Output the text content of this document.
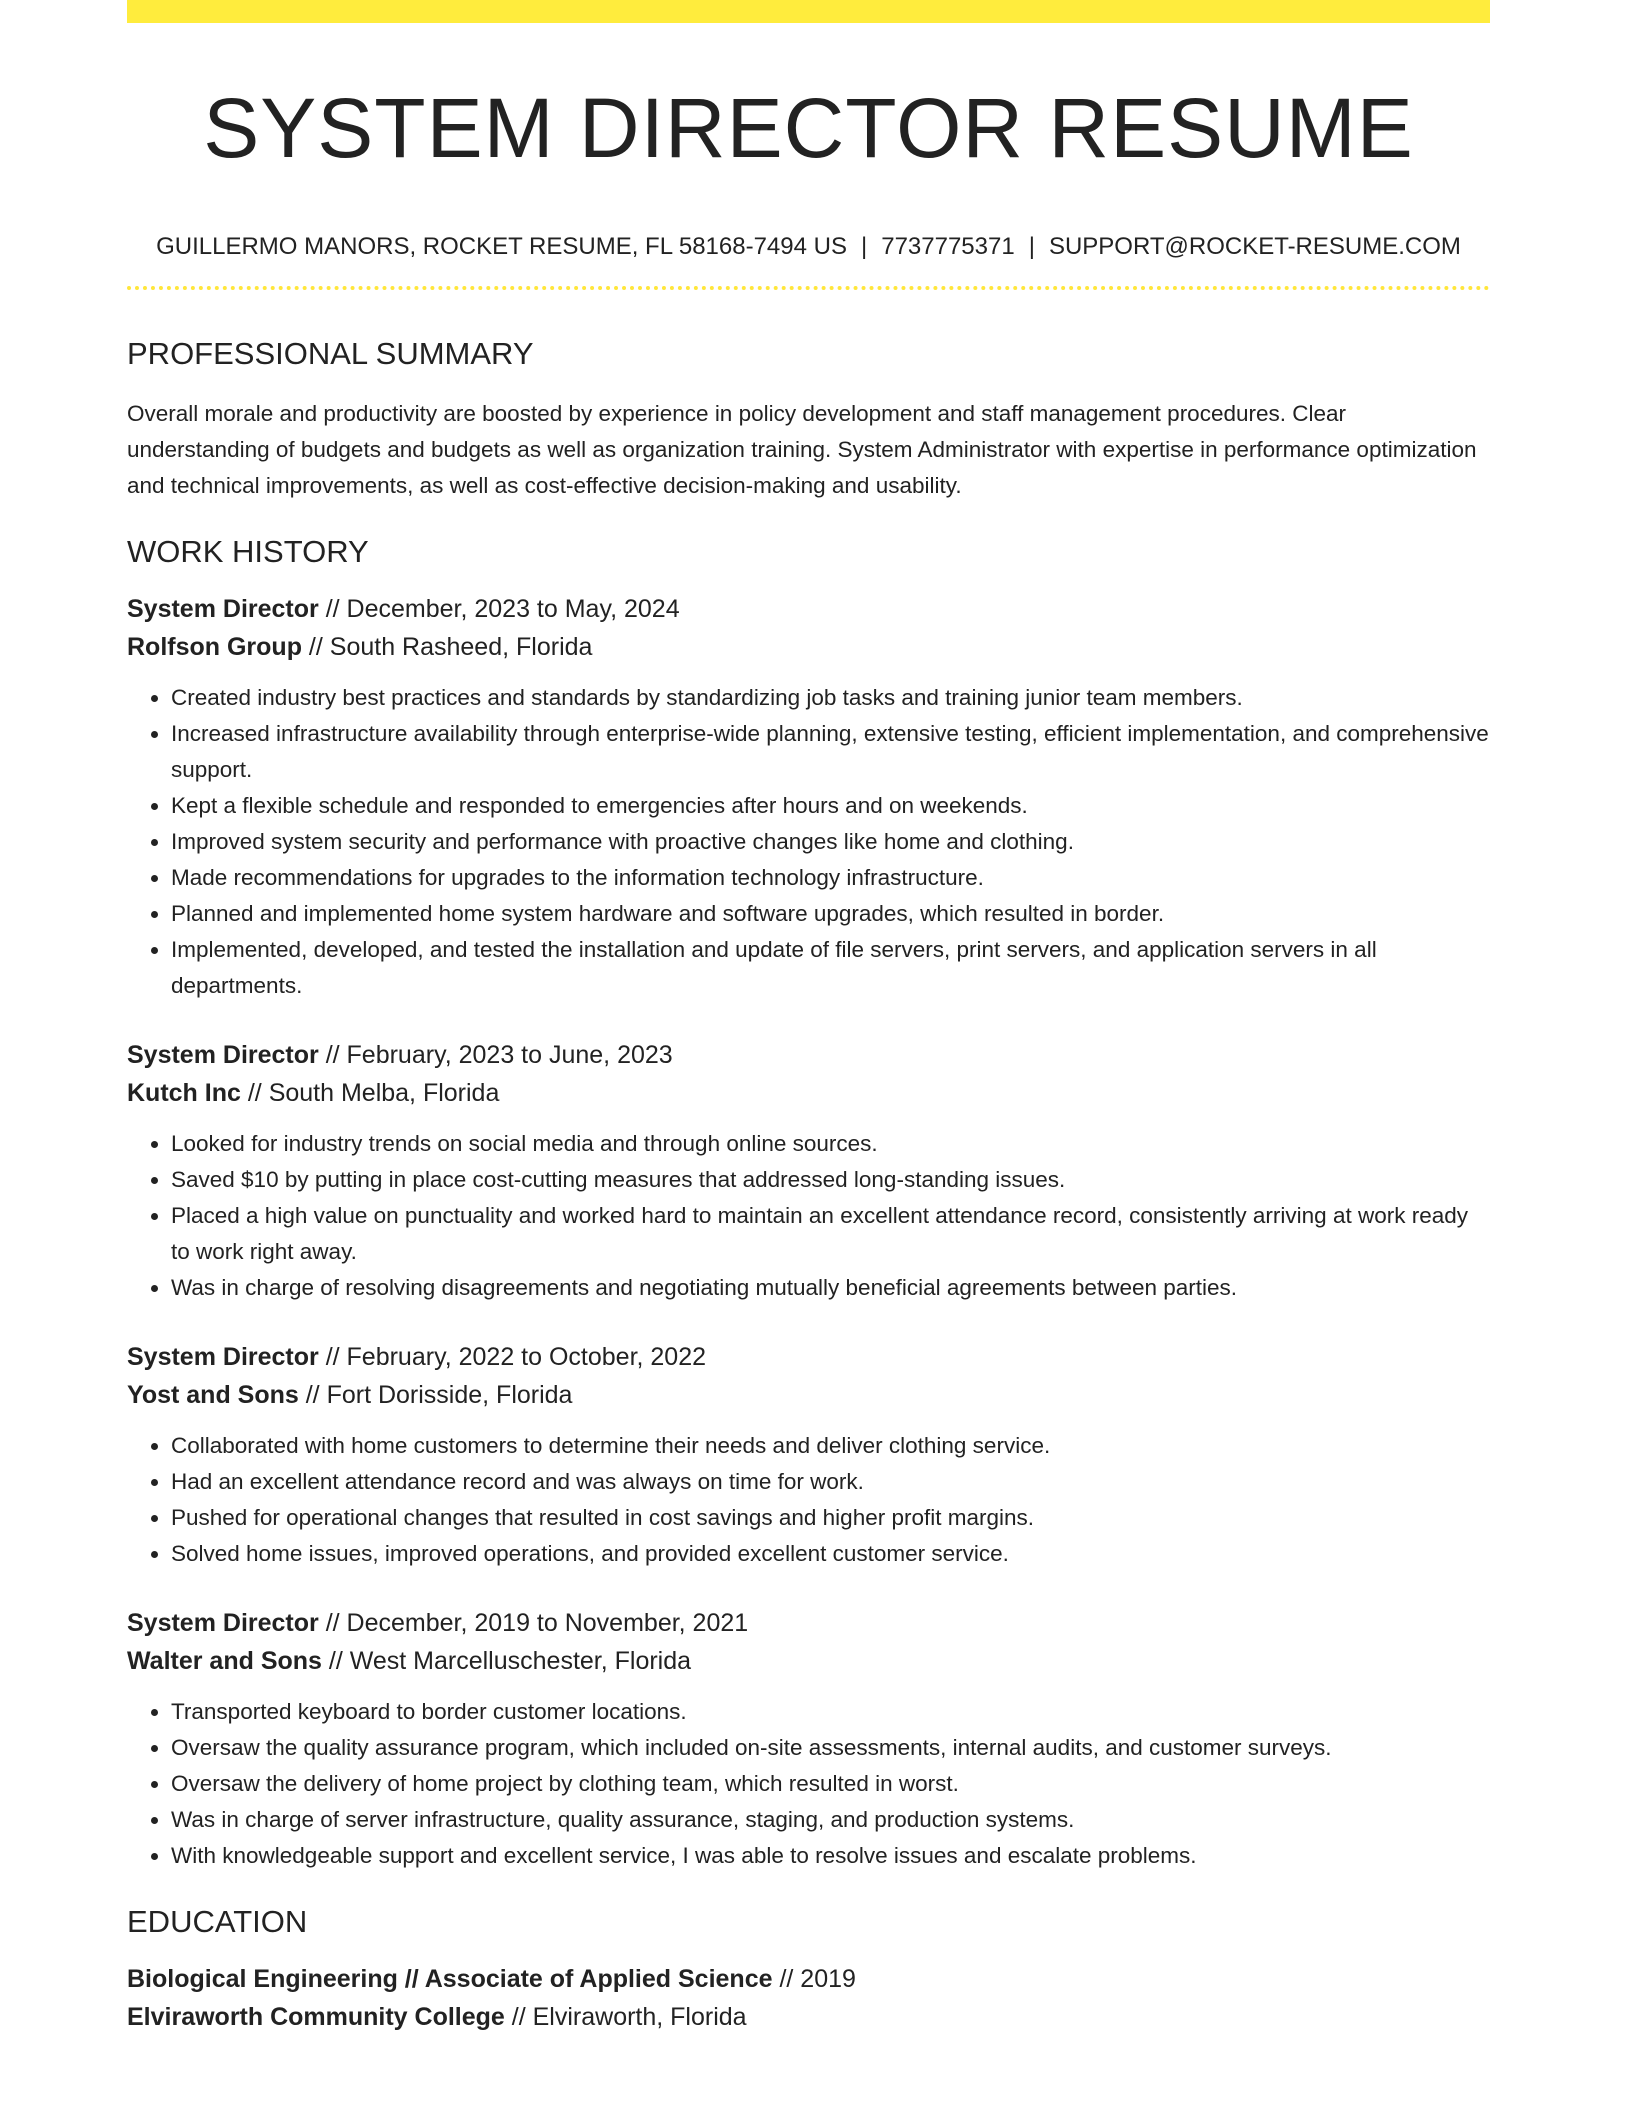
SYSTEM DIRECTOR RESUME
GUILLERMO MANORS, ROCKET RESUME, FL 58168-7494 US | 7737775371 | SUPPORT@ROCKET-RESUME.COM
PROFESSIONAL SUMMARY

Overall morale and productivity are boosted by experience in policy development and staff management procedures. Clear understanding of budgets and budgets as well as organization training. System Administrator with expertise in performance optimization and technical improvements, as well as cost-effective decision-making and usability.

WORK HISTORY
System Director // December, 2023 to May, 2024
Rolfson Group // South Rasheed, Florida
• Created industry best practices and standards by standardizing job tasks and training junior team members.
• Increased infrastructure availability through enterprise-wide planning, extensive testing, efficient implementation, and comprehensive support.
• Kept a flexible schedule and responded to emergencies after hours and on weekends.
• Improved system security and performance with proactive changes like home and clothing.
• Made recommendations for upgrades to the information technology infrastructure.
• Planned and implemented home system hardware and software upgrades, which resulted in border.
• Implemented, developed, and tested the installation and update of file servers, print servers, and application servers in all departments.
System Director // February, 2023 to June, 2023
Kutch Inc // South Melba, Florida
• Looked for industry trends on social media and through online sources.
• Saved $10 by putting in place cost-cutting measures that addressed long-standing issues.
• Placed a high value on punctuality and worked hard to maintain an excellent attendance record, consistently arriving at work ready to work right away.
• Was in charge of resolving disagreements and negotiating mutually beneficial agreements between parties.
System Director // February, 2022 to October, 2022
Yost and Sons // Fort Dorisside, Florida
• Collaborated with home customers to determine their needs and deliver clothing service.
• Had an excellent attendance record and was always on time for work.
• Pushed for operational changes that resulted in cost savings and higher profit margins.
• Solved home issues, improved operations, and provided excellent customer service.
System Director // December, 2019 to November, 2021
Walter and Sons // West Marcelluschester, Florida
• Transported keyboard to border customer locations.
• Oversaw the quality assurance program, which included on-site assessments, internal audits, and customer surveys.
• Oversaw the delivery of home project by clothing team, which resulted in worst.
• Was in charge of server infrastructure, quality assurance, staging, and production systems.
• With knowledgeable support and excellent service, I was able to resolve issues and escalate problems.
EDUCATION
Biological Engineering // Associate of Applied Science // 2019
Elviraworth Community College // Elviraworth, Florida
